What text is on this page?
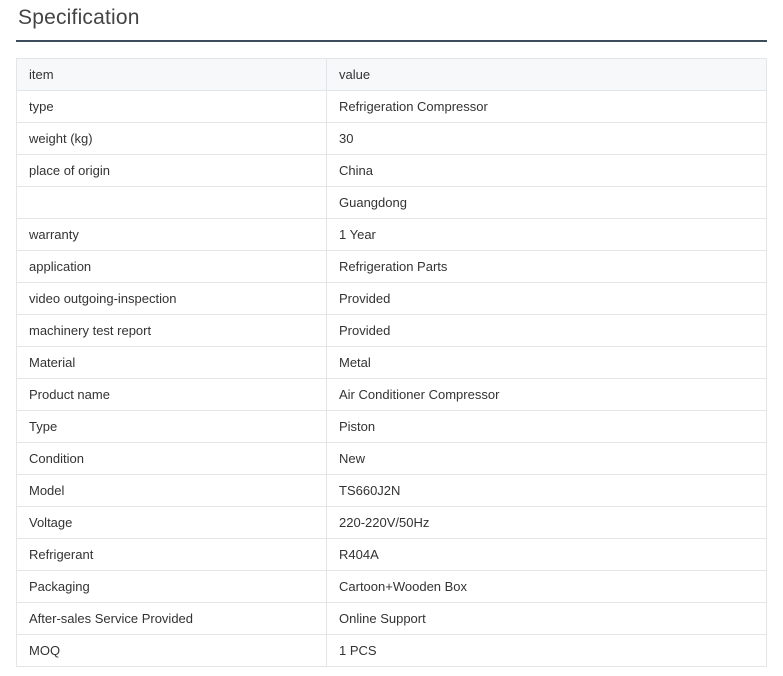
Specification
item	value
type	Refrigeration Compressor
weight (kg)	30
place of origin	China
	Guangdong
warranty	1 Year
application	Refrigeration Parts
video outgoing-inspection	Provided
machinery test report	Provided
Material	Metal
Product name	Air Conditioner Compressor
Type	Piston
Condition	New
Model	TS660J2N
Voltage	220-220V/50Hz
Refrigerant	R404A
Packaging	Cartoon+Wooden Box
After-sales Service Provided	Online Support
MOQ	1 PCS
